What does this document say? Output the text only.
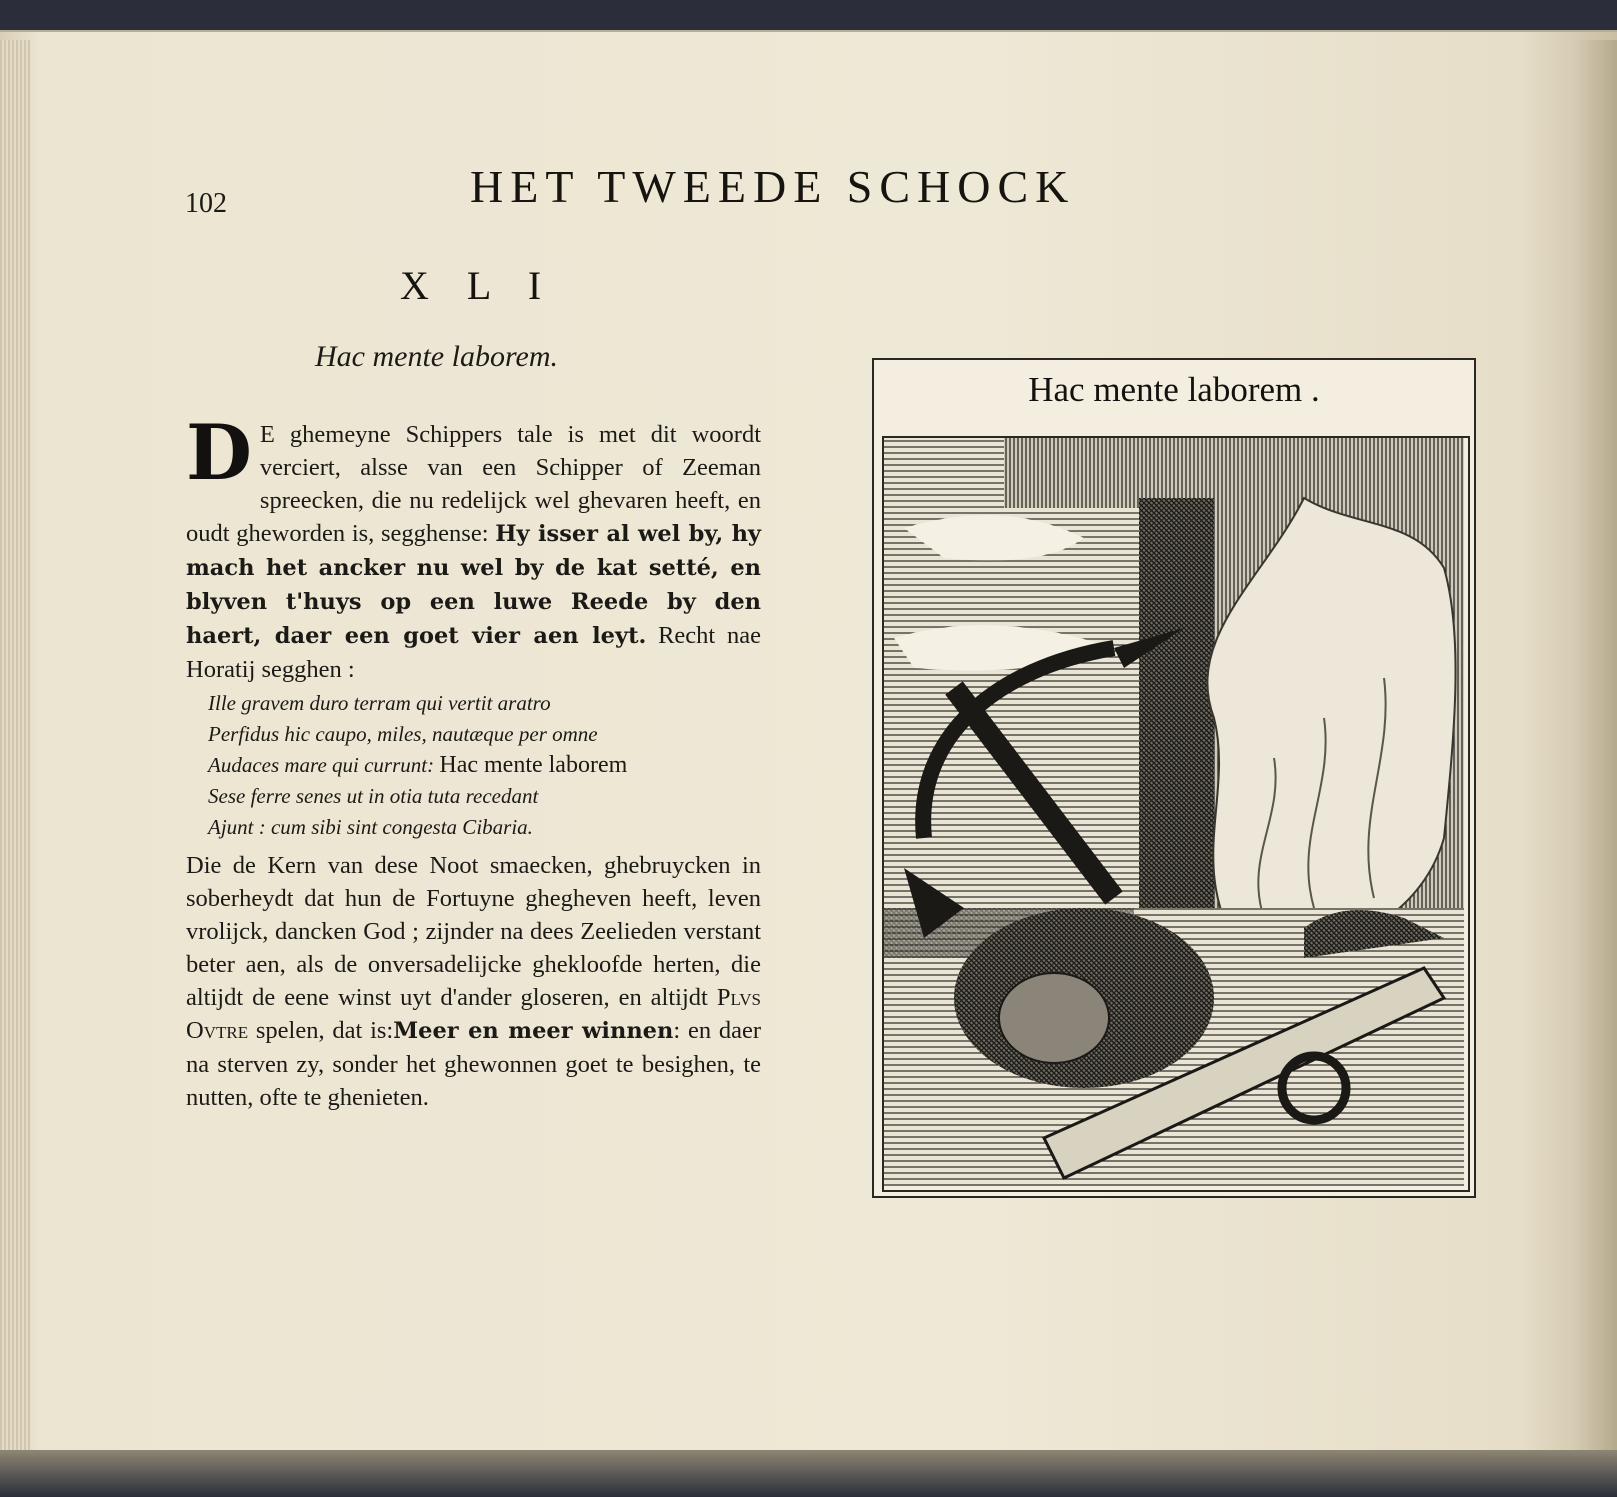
102	HET TWEEDE SCHOCK
X L I
Hac mente laborem.

D E ghemeyne Schippers tale is met dit woordt verciert, alsse van een Schipper of Zeeman spreecken, die nu redelijck wel ghevaren heeft, en oudt gheworden is, segghense: Hy isser al wel by, hy mach het ancker nu wel by de kat setté, en blyven t'huys op een luwe Reede by den haert, daer een goet vier aen leyt. Recht nae Horatij segghen :

Ille gravem duro terram qui vertit aratro
Perfidus hic caupo, miles, nautæque per omne
Audaces mare qui currunt: Hac mente laborem
Sese ferre senes ut in otia tuta recedant
Ajunt : cum sibi sint congesta Cibaria.

Die de Kern van dese Noot smaecken, ghebruycken in soberheydt dat hun de Fortuyne ghegheven heeft, leven vrolijck, dancken God ; zijnder na dees Zeelieden verstant beter aen, als de onversadelijcke ghekloofde herten, die altijdt de eene winst uyt d'ander gloseren, en altijdt Plvs Ovtre spelen, dat is:Meer en meer winnen: en daer na sterven zy, sonder het ghewonnen goet te besighen, te nutten, ofte te ghenieten.

Hac mente laborem .
